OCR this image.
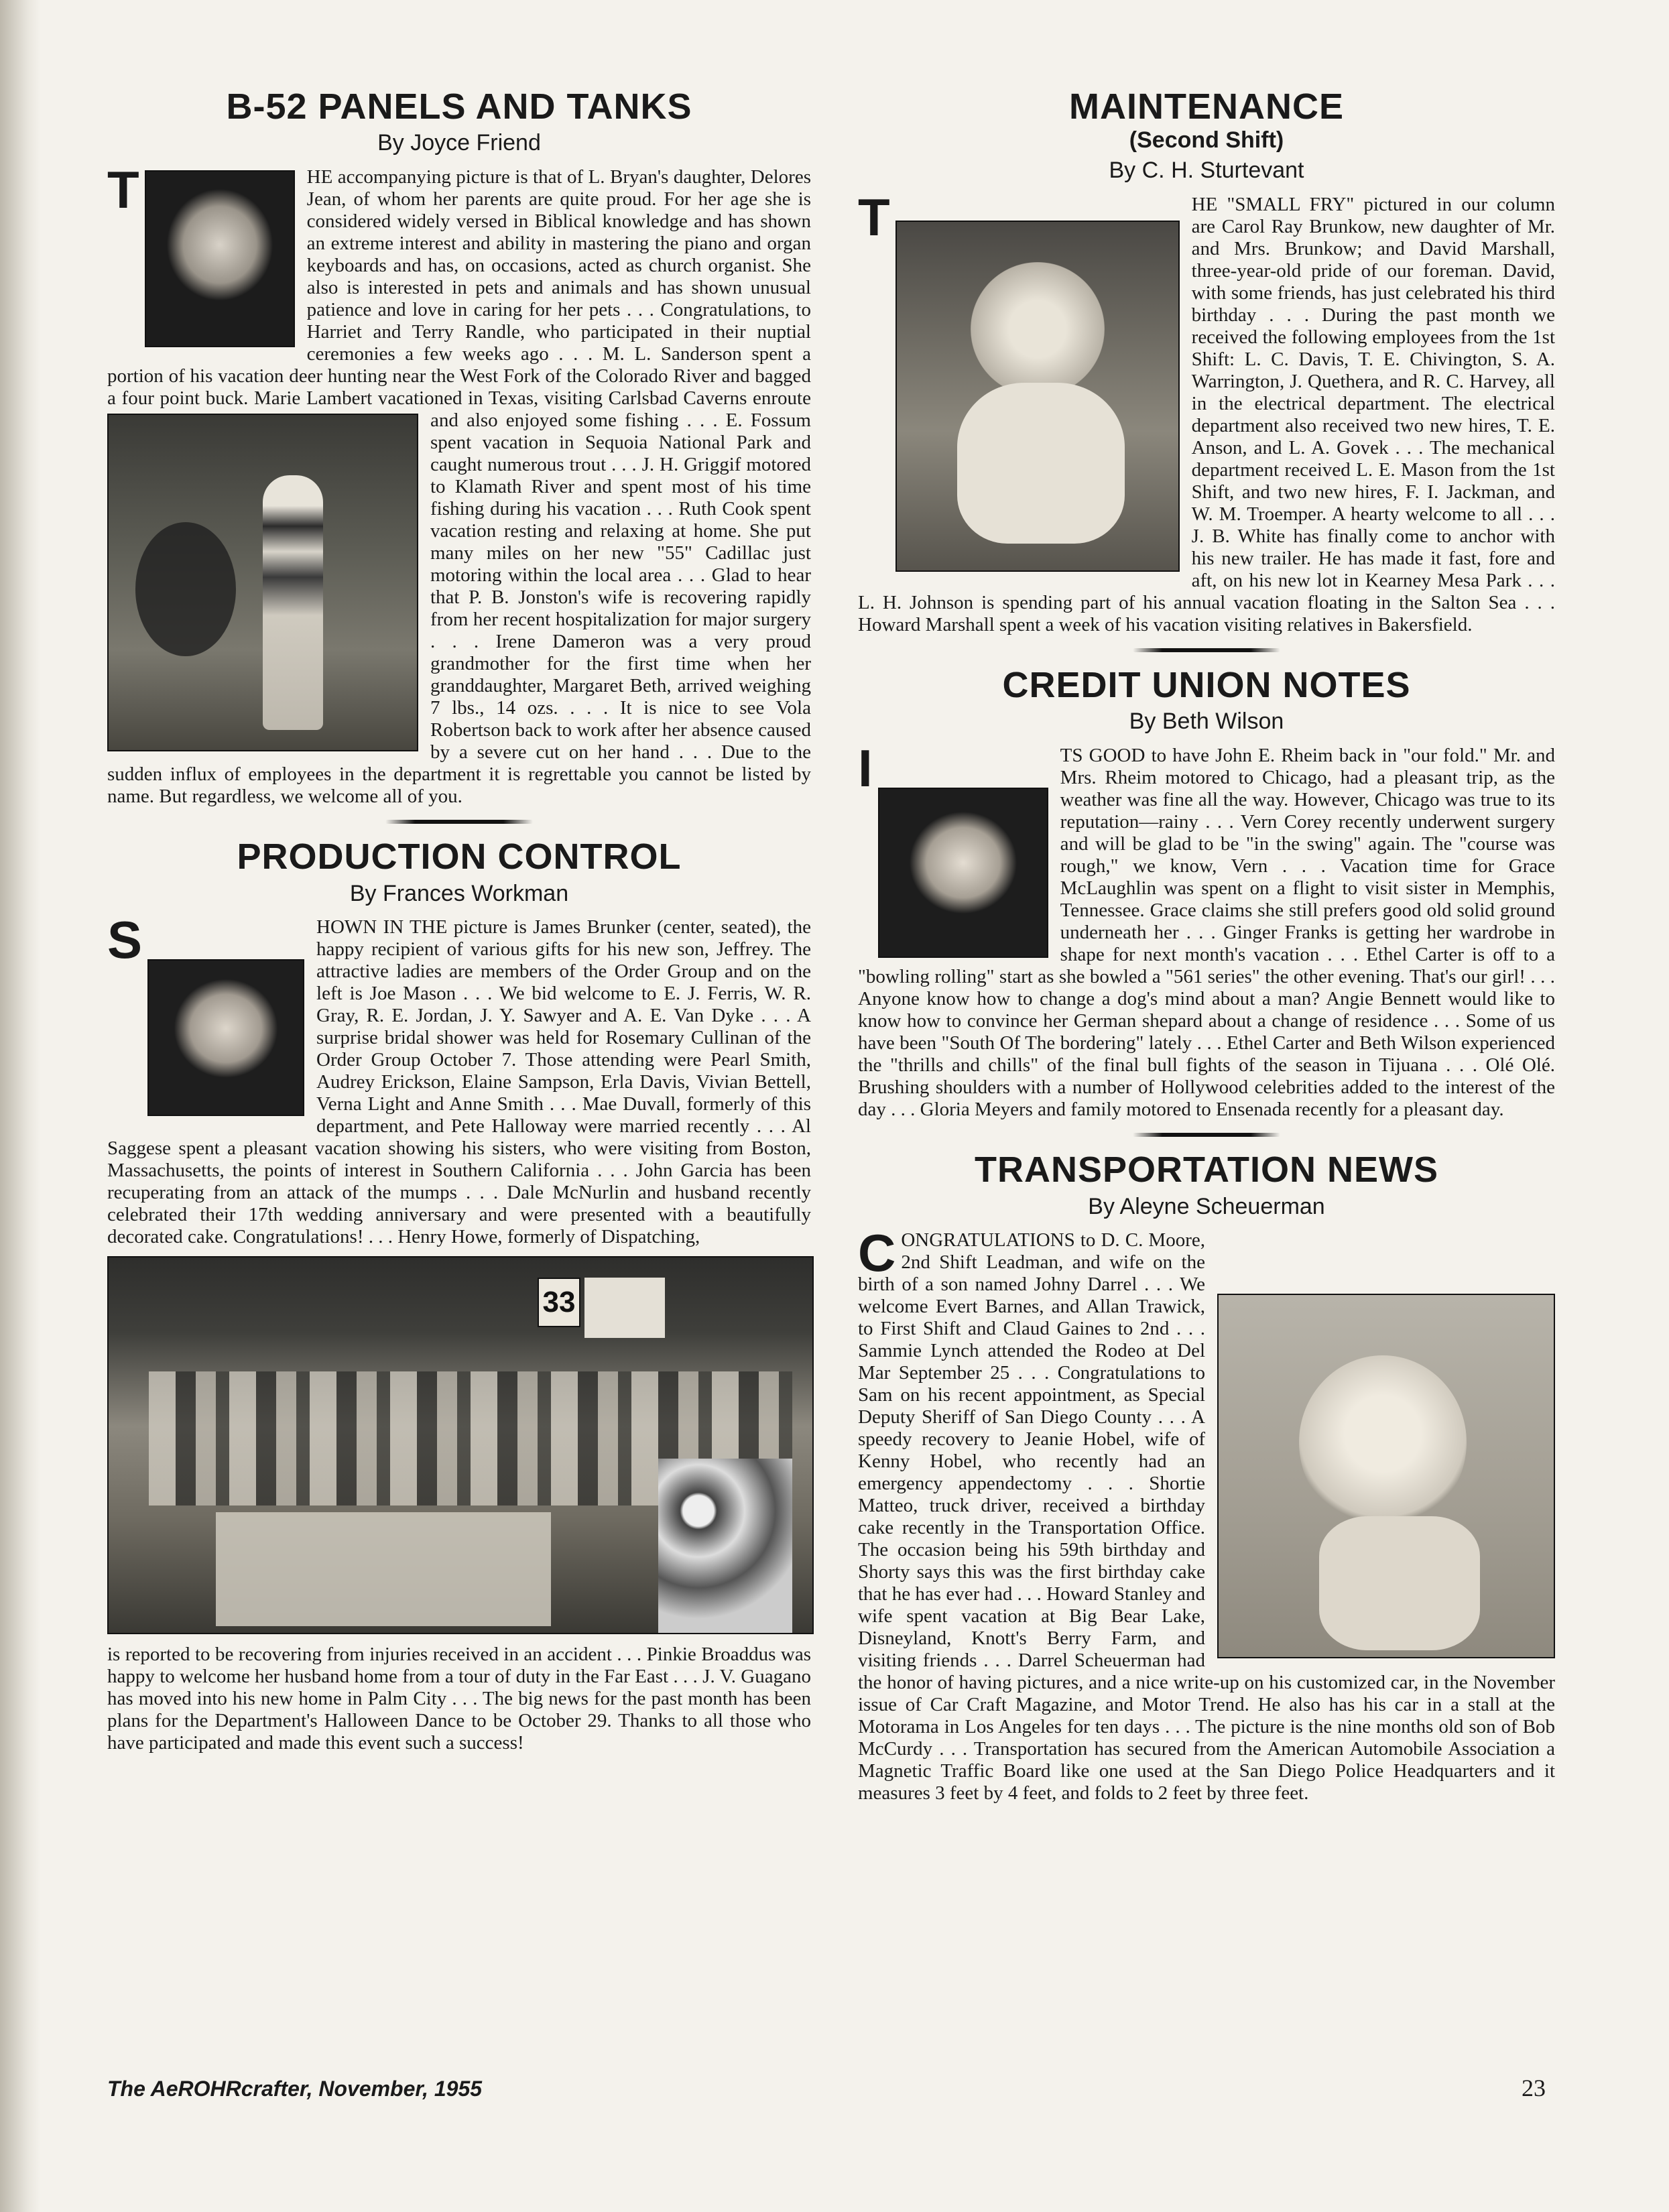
B-52 PANELS AND TANKS
By Joyce Friend

T	HE accompanying picture is that of L. Bryan's daughter, Delores Jean, of whom her parents are quite proud. For her age she is considered widely versed in Biblical knowledge and has shown an extreme interest and ability in mastering the piano and organ keyboards and has, on occasions, acted as church organist. She also is interested in pets and animals and has shown unusual patience and love in caring for her pets . . . Congratulations, to Harriet and Terry Randle, who participated in their nuptial ceremonies a few weeks ago . . . M. L. Sanderson spent a portion of his vacation deer hunting near the West Fork of the Colorado River and bagged a four point buck. Marie Lambert vacationed in Texas, visiting Carlsbad Caverns enroute and also enjoyed some fishing . . . E. Fossum
spent vacation in Sequoia National Park and caught numerous trout . . . J. H. Griggif motored to Klamath River and spent most of his time fishing during his vacation . . . Ruth Cook spent vacation resting and relaxing at home. She put many miles on her new "55" Cadillac just motoring within the local area . . . Glad to hear that P. B. Jonston's wife is recovering rapidly from her recent hospitalization for major surgery . . . Irene Dameron was a very proud grandmother for the first time when her granddaughter, Margaret Beth, arrived weighing 7 lbs., 14 ozs. . . . It is nice to see Vola Robertson back to work after her absence caused by a severe cut on her hand . . . Due to the sudden influx of employees in the department it is regrettable you cannot be listed by name. But regardless, we welcome all of you.

PRODUCTION CONTROL
By Frances Workman

S	HOWN IN THE picture is James Brunker (center, seated), the happy recipient of various gifts for his new son, Jeffrey. The attractive ladies are members of the Order Group and on the left is Joe Mason . . . We bid welcome to E. J. Ferris, W. R. Gray, R. E. Jordan, J. Y. Sawyer and A. E. Van Dyke . . . A surprise bridal shower was held for Rosemary Cullinan of the Order Group October 7. Those attending were Pearl Smith, Audrey Erickson, Elaine Sampson, Erla Davis, Vivian Bettell, Verna Light and Anne Smith . . . Mae Duvall, formerly of this department, and Pete Halloway were married recently . . . Al Saggese spent a pleasant vacation showing his sisters, who were visiting from Boston, Massachusetts, the points of interest in Southern California . . . John Garcia has been recuperating from an attack of the mumps . . . Dale McNurlin and husband recently celebrated their 17th wedding anniversary and were presented with a beautifully decorated cake. Congratulations! . . . Henry Howe, formerly of Dispatching,

33

is reported to be recovering from injuries received in an accident . . . Pinkie Broaddus was happy to welcome her husband home from a tour of duty in the Far East . . . J. V. Guagano has moved into his new home in Palm City . . . The big news for the past month has been plans for the Department's Halloween Dance to be October 29. Thanks to all those who have participated and made this event such a success!

MAINTENANCE
(Second Shift)
By C. H. Sturtevant

T	HE "SMALL FRY" pictured in our column are Carol Ray Brunkow, new daughter of Mr. and Mrs. Brunkow; and David Marshall, three-year-old pride of our foreman. David, with some friends, has just celebrated his third birthday . . . During the past month we received the following employees from the 1st Shift: L. C. Davis, T. E. Chivington, S. A. Warrington, J. Quethera, and R. C. Harvey, all in the electrical department. The electrical department also received two new hires, T. E. Anson, and L. A. Govek . . . The mechanical department received L. E. Mason from the 1st Shift, and two new hires, F. I. Jackman, and W. M. Troemper. A hearty welcome to all . . . J. B. White has finally come to anchor with his new trailer. He has made it fast, fore and aft, on his new lot in Kearney Mesa Park . . . L. H. Johnson is spending part of his annual vacation floating in the Salton Sea . . . Howard Marshall spent a week of his vacation visiting relatives in Bakersfield.

CREDIT UNION NOTES
By Beth Wilson

I	TS GOOD to have John E. Rheim back in "our fold." Mr. and Mrs. Rheim motored to Chicago, had a pleasant trip, as the weather was fine all the way. However, Chicago was true to its reputation—rainy . . . Vern Corey recently underwent surgery and will be glad to be "in the swing" again. The "course was rough," we know, Vern . . . Vacation time for Grace McLaughlin was spent on a flight to visit sister in Memphis, Tennessee. Grace claims she still prefers good old solid ground underneath her . . . Ginger Franks is getting her wardrobe in shape for next month's vacation . . . Ethel Carter is off to a "bowling rolling" start as she bowled a "561 series" the other evening. That's our girl! . . . Anyone know how to change a dog's mind about a man? Angie Bennett would like to know how to convince her German shepard about a change of residence . . . Some of us have been "South Of The bordering" lately . . . Ethel Carter and Beth Wilson experienced the "thrills and chills" of the final bull fights of the season in Tijuana . . . Olé Olé. Brushing shoulders with a number of Hollywood celebrities added to the interest of the day . . . Gloria Meyers and family motored to Ensenada recently for a pleasant day.

TRANSPORTATION NEWS
By Aleyne Scheuerman

C ONGRATULATIONS to D. C. Moore, 2nd Shift Leadman, and wife on the birth of a son named Johny Darrel . . . We welcome Evert Barnes, and Allan Trawick, to First Shift and Claud Gaines to 2nd . . . Sammie Lynch attended the Rodeo at Del Mar September 25 . . . Congratulations to Sam on his recent appointment, as Special Deputy Sheriff of San Diego County . . . A speedy recovery to Jeanie Hobel, wife of Kenny Hobel, who recently had an emergency appendectomy . . . Shortie Matteo, truck driver, received a birthday cake recently in the Transportation Office. The occasion being his 59th birthday and Shorty says this was the first birthday cake that he has ever had . . . Howard Stanley and wife spent vacation at Big Bear Lake, Disneyland, Knott's Berry Farm, and visiting friends . . . Darrel Scheuerman had the honor of having pictures, and a nice write-up on his customized car, in the November issue of Car Craft Magazine, and Motor Trend. He also has his car in a stall at the Motorama in Los Angeles for ten days . . . The picture is the nine months old son of Bob McCurdy . . . Transportation has secured from the American Automobile Association a Magnetic Traffic Board like one used at the San Diego Police Headquarters and it measures 3 feet by 4 feet, and folds to 2 feet by three feet.

The AeROHRcrafter, November, 1955	23
